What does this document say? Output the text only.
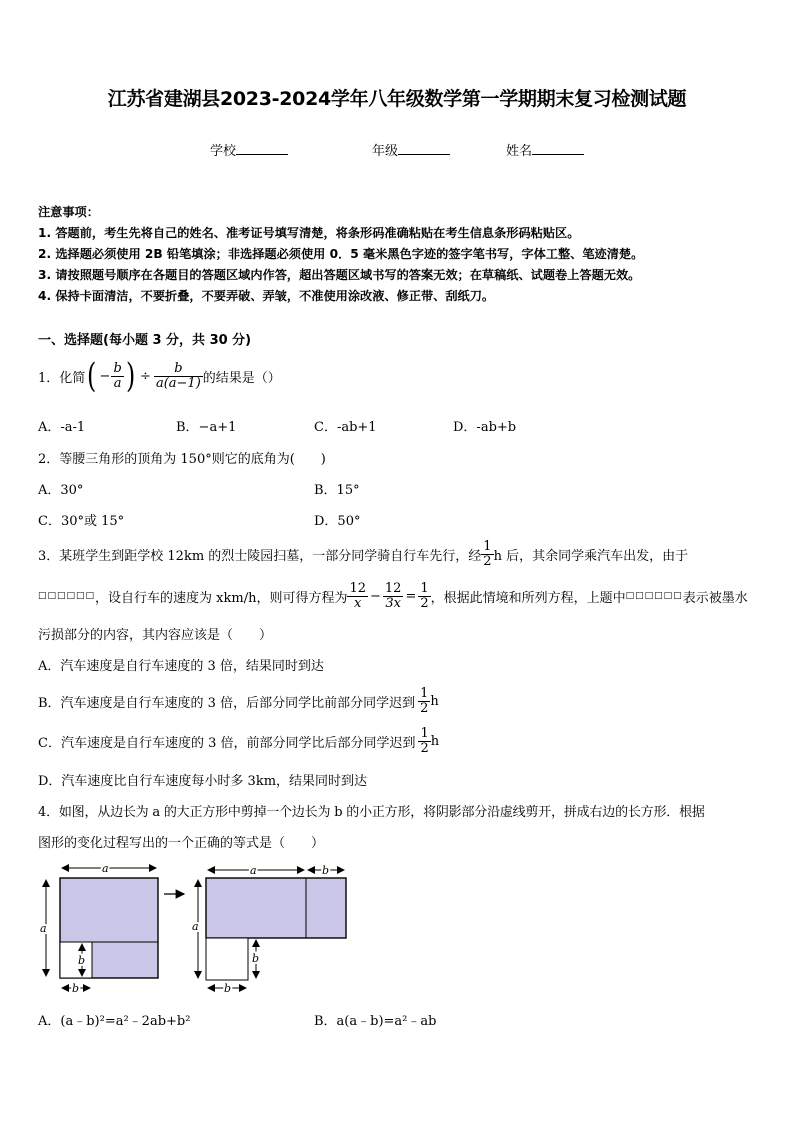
江苏省建湖县2023-2024学年八年级数学第一学期期末复习检测试题
学校	年级	姓名
注意事项：
1. 答题前，考生先将自己的姓名、准考证号填写清楚，将条形码准确粘贴在考生信息条形码粘贴区。
2. 选择题必须使用 2B 铅笔填涂；非选择题必须使用 0．5 毫米黑色字迹的签字笔书写，字体工整、笔迹清楚。
3. 请按照题号顺序在各题目的答题区域内作答，超出答题区域书写的答案无效；在草稿纸、试题卷上答题无效。
4. 保持卡面清洁，不要折叠，不要弄破、弄皱，不准使用涂改液、修正带、刮纸刀。
一、选择题(每小题 3 分，共 30 分)
1．化简 ( − $\frac{b}{a}$ ) ÷ $\frac{b}{a(a-1)}$ 的结果是（）
A．-a-1	B．−a+1	C．-ab+1	D．-ab+b
2．等腰三角形的顶角为 150°则它的底角为(　　)
A．30°	B．15°
C．30°或 15°	D．50°
3．某班学生到距学校 12km 的烈士陵园扫墓，一部分同学骑自行车先行，经 $\frac{1}{2}$ h 后，其余同学乘汽车出发，由于
□□□□□□ ，设自行车的速度为 xkm/h，则可得方程为 $\frac{12}{x} - \frac{12}{3x} = \frac{1}{2}$ ，根据此情境和所列方程，上题中 □□□□□□ 表示被墨水
污损部分的内容，其内容应该是（　　）
A．汽车速度是自行车速度的 3 倍，结果同时到达
B．汽车速度是自行车速度的 3 倍，后部分同学比前部分同学迟到 $\frac{1}{2}$ h
C．汽车速度是自行车速度的 3 倍，前部分同学比后部分同学迟到 $\frac{1}{2}$ h
D．汽车速度比自行车速度每小时多 3km，结果同时到达
4．如图，从边长为 a 的大正方形中剪掉一个边长为 b 的小正方形，将阴影部分沿虚线剪开，拼成右边的长方形．根据
图形的变化过程写出的一个正确的等式是（　　）
a
a
b
b
a	b
a
b
b
A．(a﹣b)²=a²﹣2ab+b²	B．a(a﹣b)=a²﹣ab
